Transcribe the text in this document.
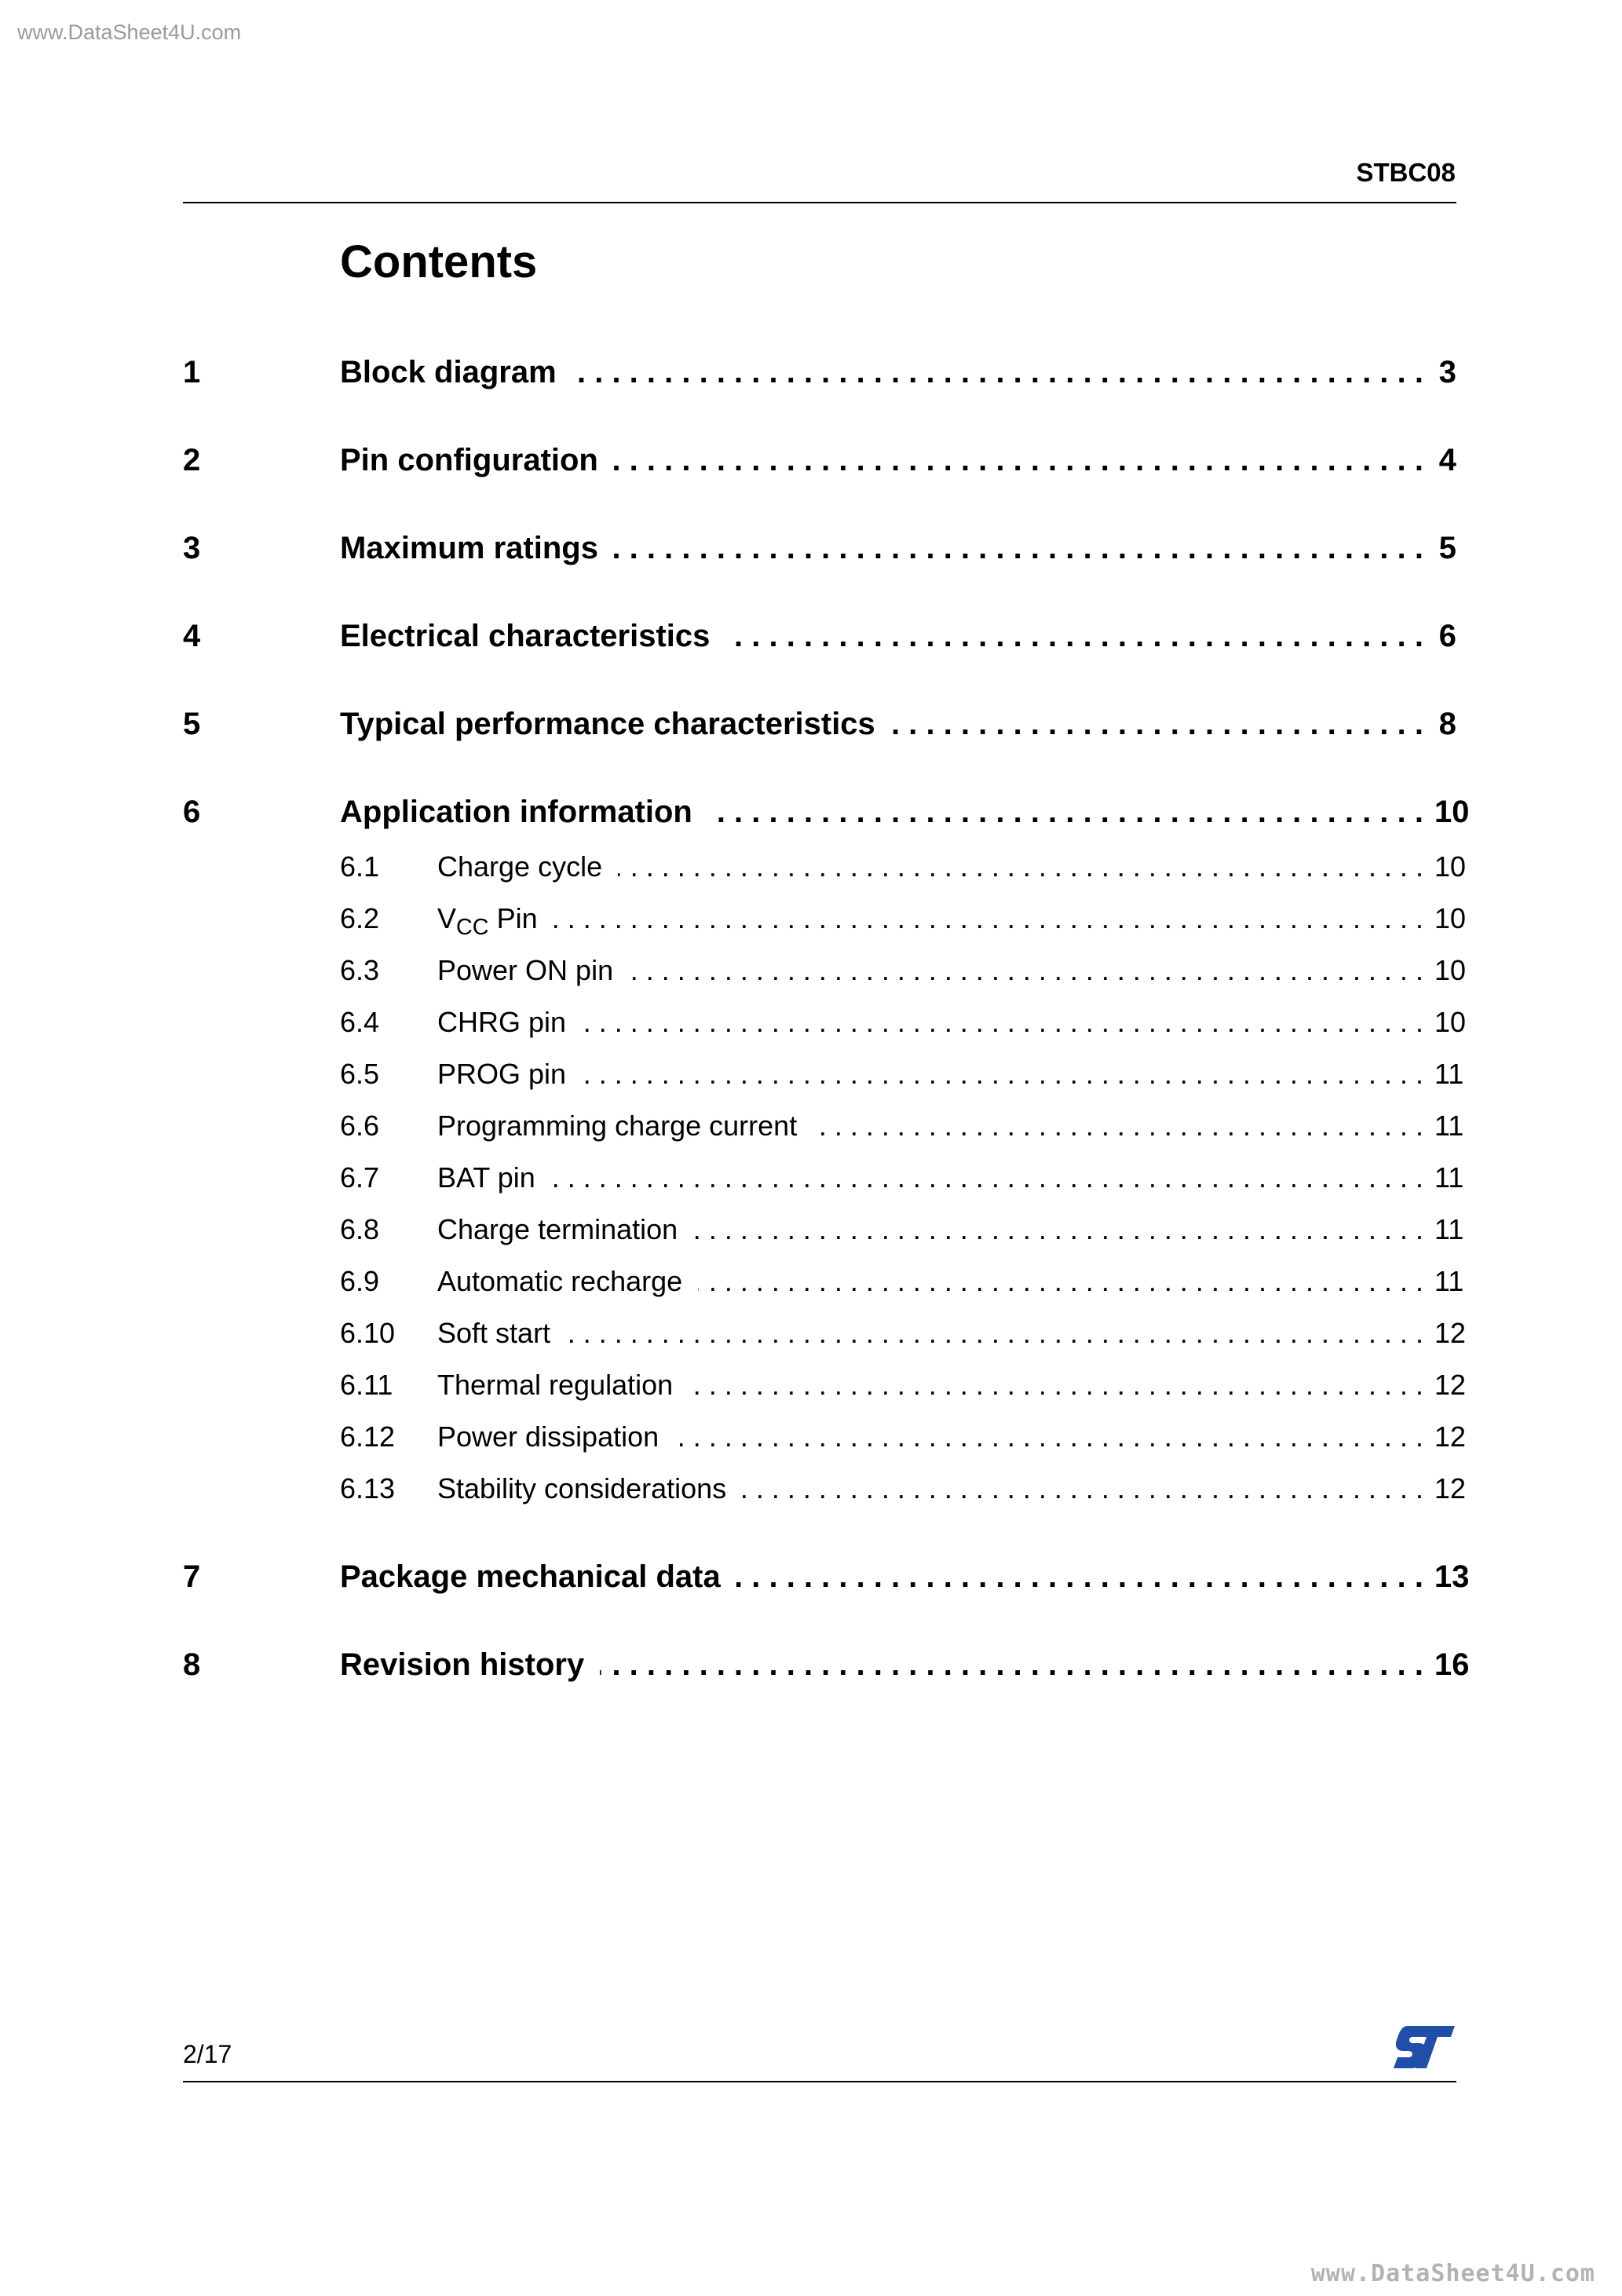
www.DataSheet4U.com
STBC08
Contents
1	Block diagram . . .	3
2	Pin configuration . . .	4
3	Maximum ratings . . .	5
4	Electrical characteristics . . .	6
5	Typical performance characteristics . . .	8
6	Application information . . .	10
6.1 Charge cycle . . .	10
6.2 $V_{CC}$ Pin . . .	10
6.3 Power ON pin . . .	10
6.4 CHRG pin . . .	10
6.5 PROG pin . . .	11
6.6 Programming charge current . . .	11
6.7 BAT pin . . .	11
6.8 Charge termination . . .	11
6.9 Automatic recharge . . .	11
6.10 Soft start . . .	12
6.11 Thermal regulation . . .	12
6.12 Power dissipation . . .	12
6.13 Stability considerations . . .	12
7	Package mechanical data . . .	13
8	Revision history . . .	16
2/17
www.DataSheet4U.com
